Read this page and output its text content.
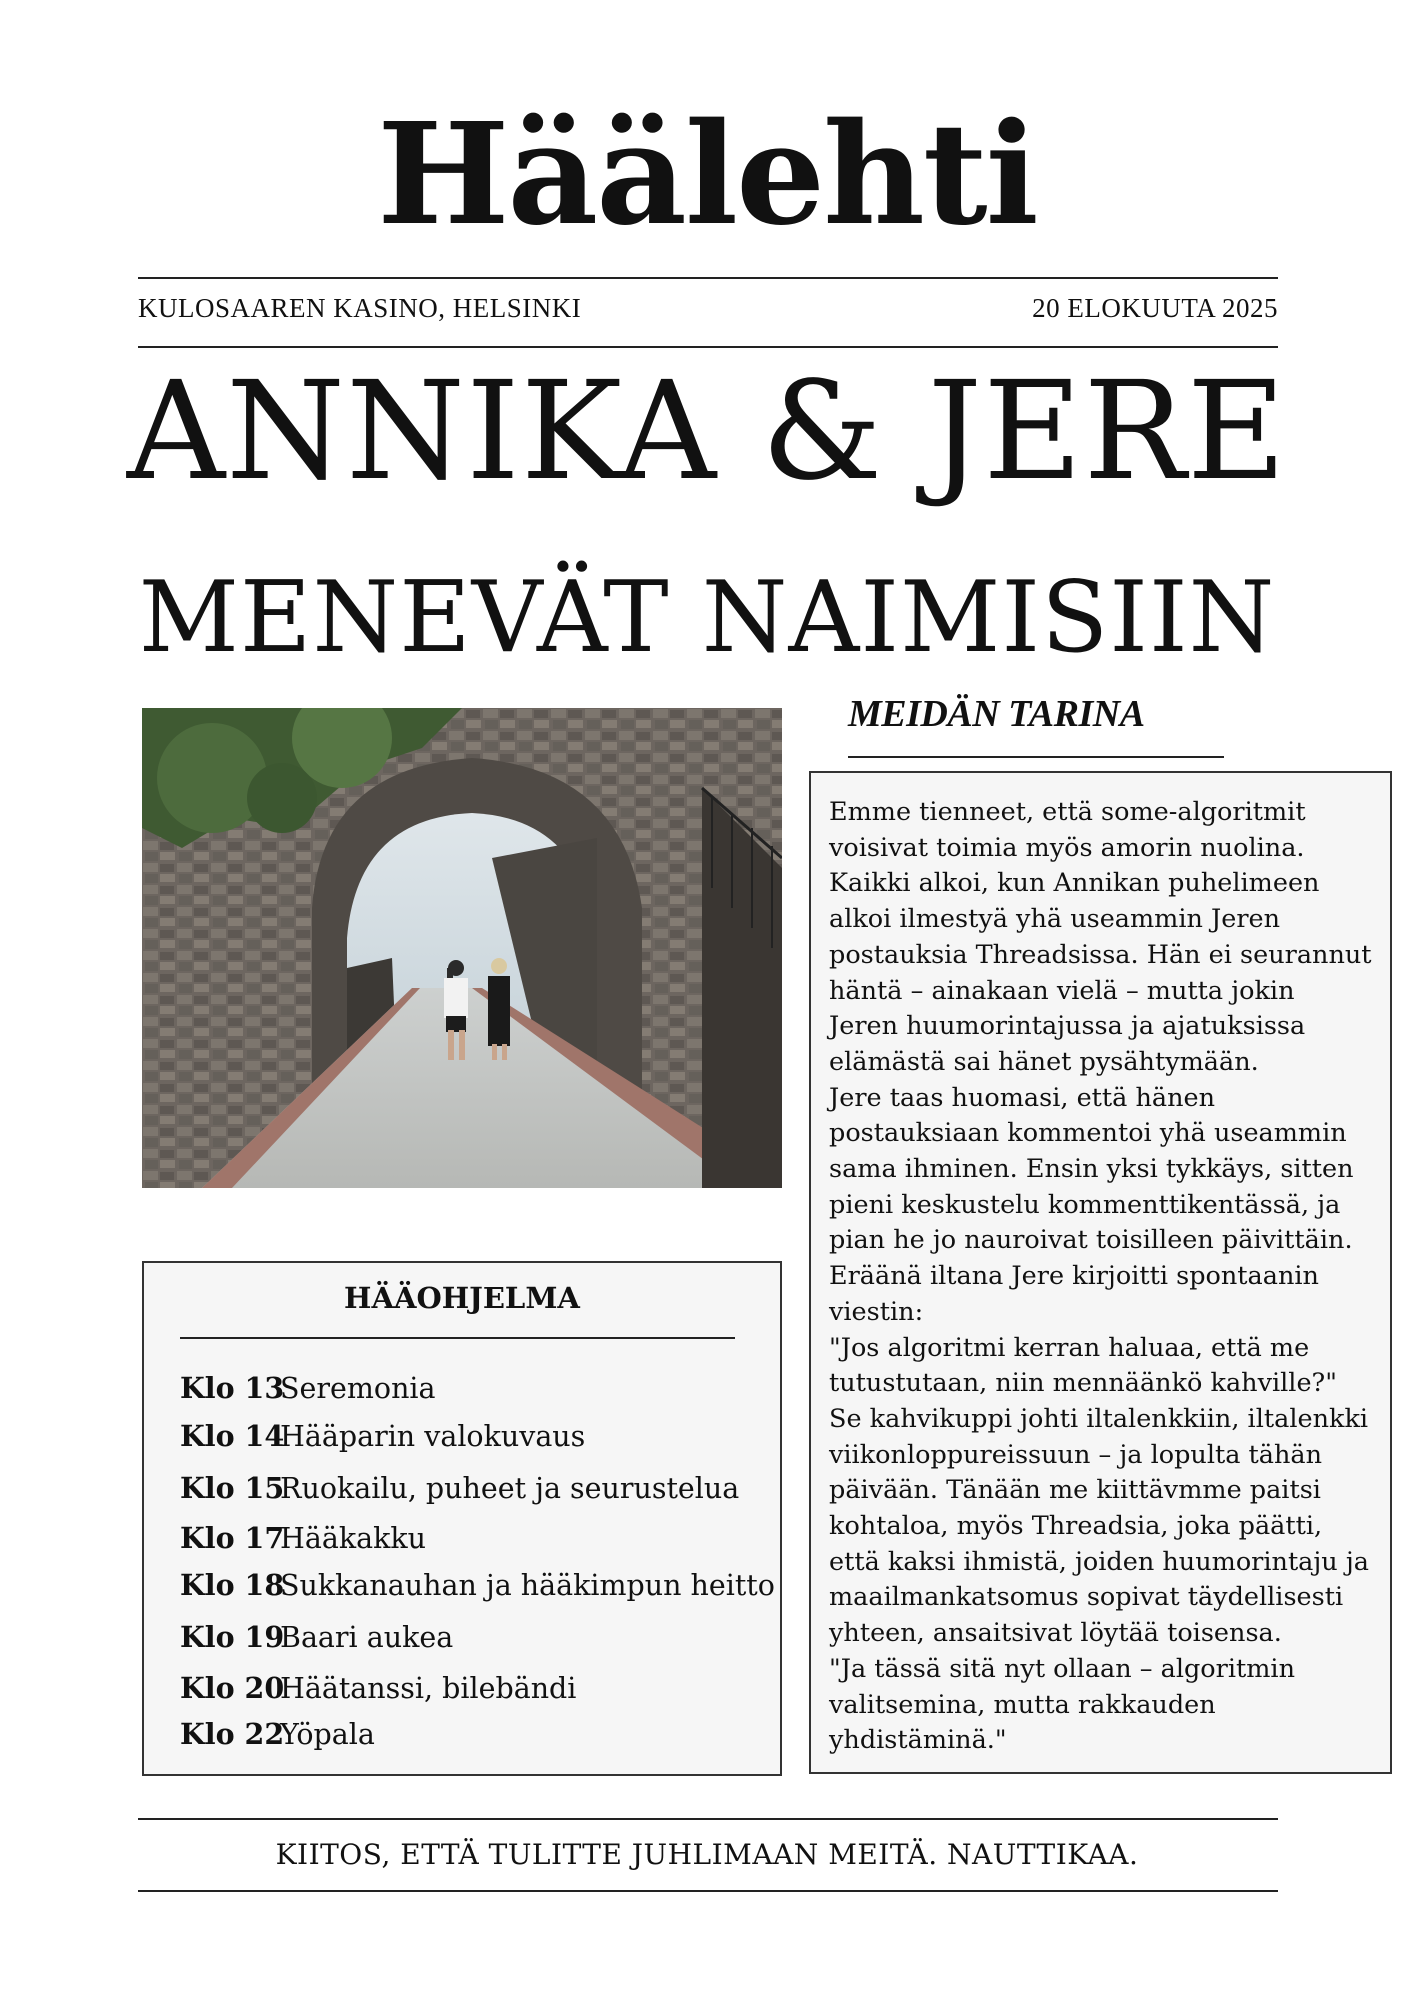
Häälehti
KULOSAAREN KASINO, HELSINKI	20 ELOKUUTA 2025
ANNIKA & JERE
MENEVÄT NAIMISIIN
MEIDÄN TARINA
Emme tienneet, että some-algoritmit
voisivat toimia myös amorin nuolina.
Kaikki alkoi, kun Annikan puhelimeen
alkoi ilmestyä yhä useammin Jeren
postauksia Threadsissa. Hän ei seurannut
häntä – ainakaan vielä – mutta jokin
Jeren huumorintajussa ja ajatuksissa
elämästä sai hänet pysähtymään.
Jere taas huomasi, että hänen
postauksiaan kommentoi yhä useammin
sama ihminen. Ensin yksi tykkäys, sitten
pieni keskustelu kommenttikentässä, ja
pian he jo nauroivat toisilleen päivittäin.
Eräänä iltana Jere kirjoitti spontaanin
viestin:
"Jos algoritmi kerran haluaa, että me
tutustutaan, niin mennäänkö kahville?"
Se kahvikuppi johti iltalenkkiin, iltalenkki
viikonloppureissuun – ja lopulta tähän
päivään. Tänään me kiittävmme paitsi
kohtaloa, myös Threadsia, joka päätti,
että kaksi ihmistä, joiden huumorintaju ja
maailmankatsomus sopivat täydellisesti
yhteen, ansaitsivat löytää toisensa.
"Ja tässä sitä nyt ollaan – algoritmin
valitsemina, mutta rakkauden
yhdistäminä."
HÄÄOHJELMA
Klo 13Seremonia
Klo 14Hääparin valokuvaus
Klo 15Ruokailu, puheet ja seurustelua
Klo 17Hääkakku
Klo 18Sukkanauhan ja hääkimpun heitto
Klo 19Baari aukea
Klo 20Häätanssi, bilebändi
Klo 22Yöpala
KIITOS, ETTÄ TULITTE JUHLIMAAN MEITÄ. NAUTTIKAA.
